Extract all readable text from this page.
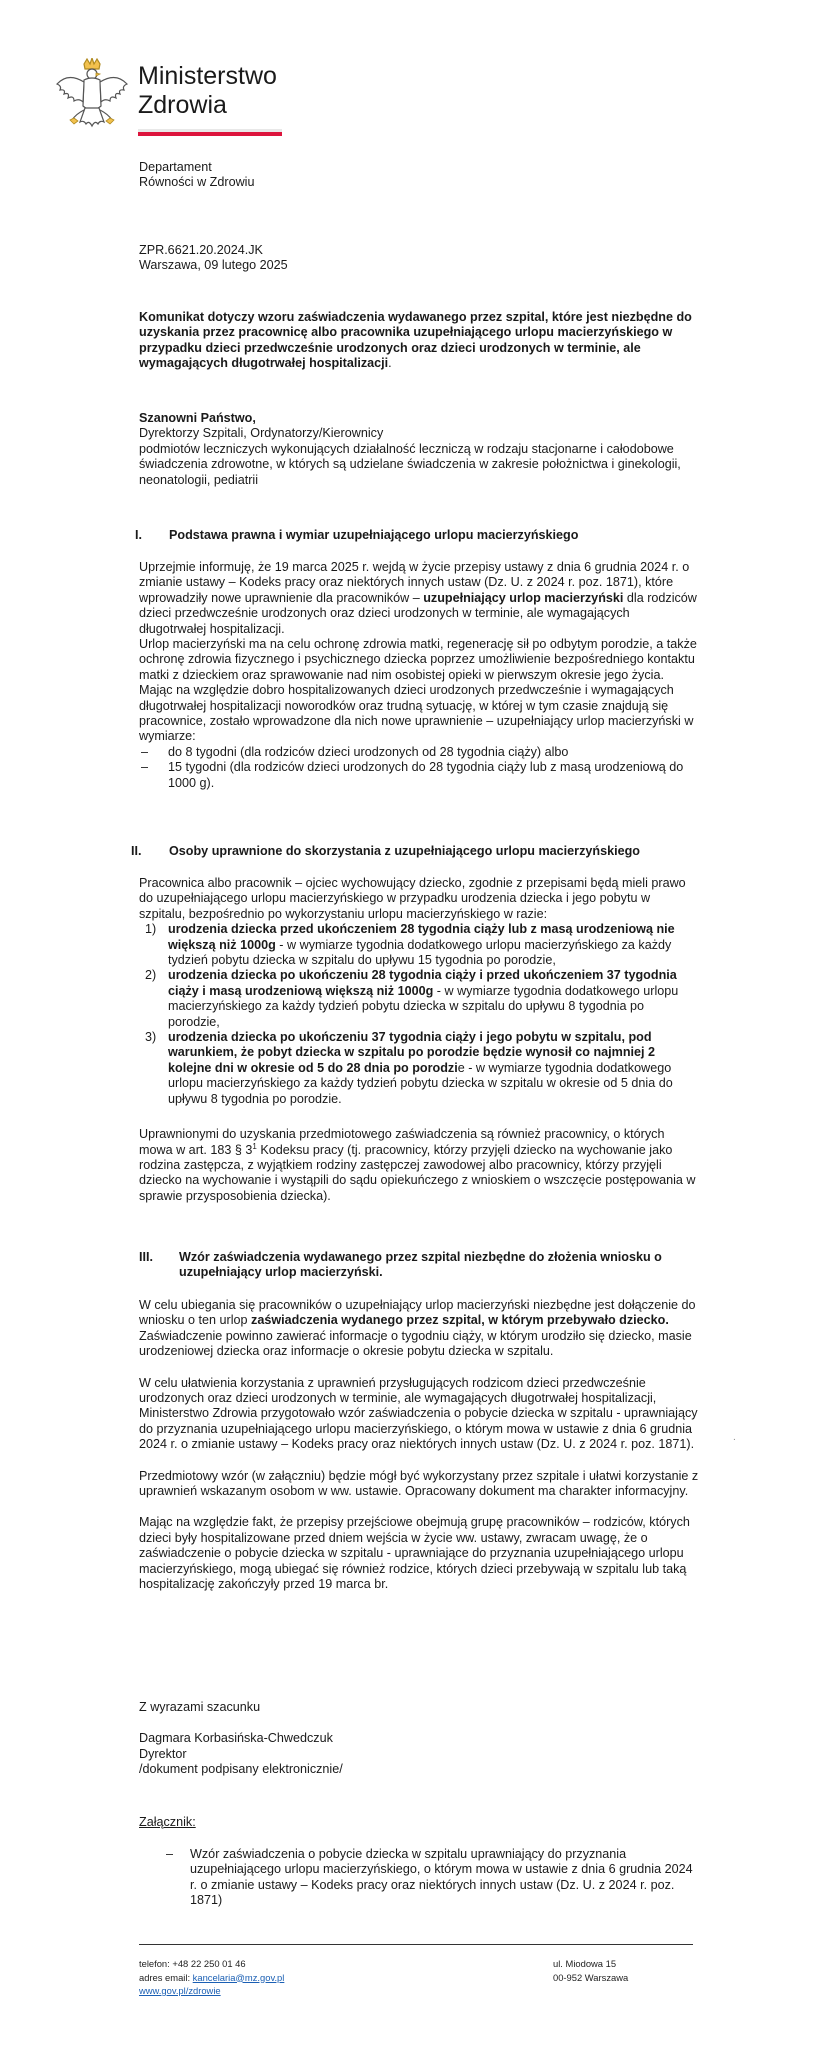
Ministerstwo
Zdrowia

Departament

Równości w Zdrowiu

ZPR.6621.20.2024.JK

Warszawa, 09 lutego 2025

Komunikat dotyczy wzoru zaświadczenia wydawanego przez szpital, które jest niezbędne do uzyskania przez pracownicę albo pracownika uzupełniającego urlopu macierzyńskiego w przypadku dzieci przedwcześnie urodzonych oraz dzieci urodzonych w terminie, ale wymagających długotrwałej hospitalizacji.

Szanowni Państwo,

Dyrektorzy Szpitali, Ordynatorzy/Kierownicy

podmiotów leczniczych wykonujących działalność leczniczą w rodzaju stacjonarne i całodobowe świadczenia zdrowotne, w których są udzielane świadczenia w zakresie położnictwa i ginekologii, neonatologii, pediatrii

I. Podstawa prawna i wymiar uzupełniającego urlopu macierzyńskiego

Uprzejmie informuję, że 19 marca 2025 r. wejdą w życie przepisy ustawy z dnia 6 grudnia 2024 r. o zmianie ustawy – Kodeks pracy oraz niektórych innych ustaw (Dz. U. z 2024 r. poz. 1871), które wprowadziły nowe uprawnienie dla pracowników – uzupełniający urlop macierzyński dla rodziców dzieci przedwcześnie urodzonych oraz dzieci urodzonych w terminie, ale wymagających długotrwałej hospitalizacji.

Urlop macierzyński ma na celu ochronę zdrowia matki, regenerację sił po odbytym porodzie, a także ochronę zdrowia fizycznego i psychicznego dziecka poprzez umożliwienie bezpośredniego kontaktu matki z dzieckiem oraz sprawowanie nad nim osobistej opieki w pierwszym okresie jego życia.

Mając na względzie dobro hospitalizowanych dzieci urodzonych przedwcześnie i wymagających długotrwałej hospitalizacji noworodków oraz trudną sytuację, w której w tym czasie znajdują się pracownice, zostało wprowadzone dla nich nowe uprawnienie – uzupełniający urlop macierzyński w wymiarze:

– do 8 tygodni (dla rodziców dzieci urodzonych od 28 tygodnia ciąży) albo
– 15 tygodni (dla rodziców dzieci urodzonych do 28 tygodnia ciąży lub z masą urodzeniową do 1000 g).
II. Osoby uprawnione do skorzystania z uzupełniającego urlopu macierzyńskiego

Pracownica albo pracownik – ojciec wychowujący dziecko, zgodnie z przepisami będą mieli prawo do uzupełniającego urlopu macierzyńskiego w przypadku urodzenia dziecka i jego pobytu w szpitalu, bezpośrednio po wykorzystaniu urlopu macierzyńskiego w razie:

1) urodzenia dziecka przed ukończeniem 28 tygodnia ciąży lub z masą urodzeniową nie większą niż 1000g - w wymiarze tygodnia dodatkowego urlopu macierzyńskiego za każdy tydzień pobytu dziecka w szpitalu do upływu 15 tygodnia po porodzie,
2) urodzenia dziecka po ukończeniu 28 tygodnia ciąży i przed ukończeniem 37 tygodnia ciąży i masą urodzeniową większą niż 1000g - w wymiarze tygodnia dodatkowego urlopu macierzyńskiego za każdy tydzień pobytu dziecka w szpitalu do upływu 8 tygodnia po porodzie,
3) urodzenia dziecka po ukończeniu 37 tygodnia ciąży i jego pobytu w szpitalu, pod warunkiem, że pobyt dziecka w szpitalu po porodzie będzie wynosił co najmniej 2 kolejne dni w okresie od 5 do 28 dnia po porodzie - w wymiarze tygodnia dodatkowego urlopu macierzyńskiego za każdy tydzień pobytu dziecka w szpitalu w okresie od 5 dnia do upływu 8 tygodnia po porodzie.

Uprawnionymi do uzyskania przedmiotowego zaświadczenia są również pracownicy, o których mowa w art. 183 § $3^1$ Kodeksu pracy (tj. pracownicy, którzy przyjęli dziecko na wychowanie jako rodzina zastępcza, z wyjątkiem rodziny zastępczej zawodowej albo pracownicy, którzy przyjęli dziecko na wychowanie i wystąpili do sądu opiekuńczego z wnioskiem o wszczęcie postępowania w sprawie przysposobienia dziecka).

III. Wzór zaświadczenia wydawanego przez szpital niezbędne do złożenia wniosku o uzupełniający urlop macierzyński.

W celu ubiegania się pracowników o uzupełniający urlop macierzyński niezbędne jest dołączenie do wniosku o ten urlop zaświadczenia wydanego przez szpital, w którym przebywało dziecko. Zaświadczenie powinno zawierać informacje o tygodniu ciąży, w którym urodziło się dziecko, masie urodzeniowej dziecka oraz informacje o okresie pobytu dziecka w szpitalu.

W celu ułatwienia korzystania z uprawnień przysługujących rodzicom dzieci przedwcześnie urodzonych oraz dzieci urodzonych w terminie, ale wymagających długotrwałej hospitalizacji, Ministerstwo Zdrowia przygotowało wzór zaświadczenia o pobycie dziecka w szpitalu - uprawniający do przyznania uzupełniającego urlopu macierzyńskiego, o którym mowa w ustawie z dnia 6 grudnia 2024 r. o zmianie ustawy – Kodeks pracy oraz niektórych innych ustaw (Dz. U. z 2024 r. poz. 1871).

Przedmiotowy wzór (w załączniu) będzie mógł być wykorzystany przez szpitale i ułatwi korzystanie z uprawnień wskazanym osobom w ww. ustawie. Opracowany dokument ma charakter informacyjny.

Mając na względzie fakt, że przepisy przejściowe obejmują grupę pracowników – rodziców, których dzieci były hospitalizowane przed dniem wejścia w życie ww. ustawy, zwracam uwagę, że o zaświadczenie o pobycie dziecka w szpitalu - uprawniające do przyznania uzupełniającego urlopu macierzyńskiego, mogą ubiegać się również rodzice, których dzieci przebywają w szpitalu lub taką hospitalizację zakończyły przed 19 marca br.

Z wyrazami szacunku

Dagmara Korbasińska-Chwedczuk

Dyrektor

/dokument podpisany elektronicznie/

Załącznik:

– Wzór zaświadczenia o pobycie dziecka w szpitalu uprawniający do przyznania uzupełniającego urlopu macierzyńskiego, o którym mowa w ustawie z dnia 6 grudnia 2024 r. o zmianie ustawy – Kodeks pracy oraz niektórych innych ustaw (Dz. U. z 2024 r. poz. 1871)
telefon: +48 22 250 01 46
adres email: kancelaria@mz.gov.pl
www.gov.pl/zdrowie
ul. Miodowa 15
00-952 Warszawa
.
